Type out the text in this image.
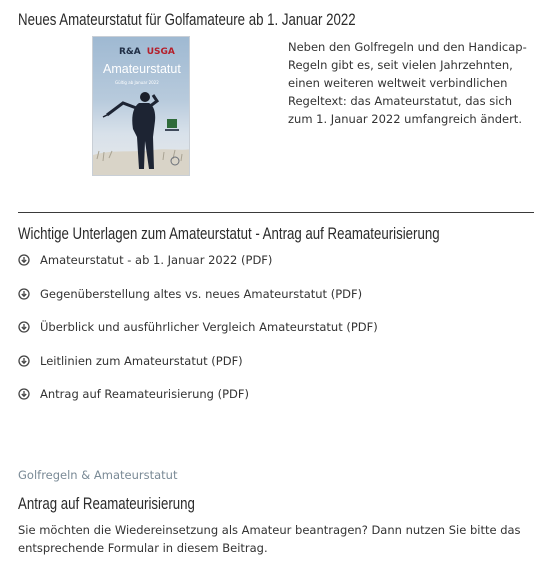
Neues Amateurstatut für Golfamateure ab 1. Januar 2022
R&A USGA
Amateurstatut
Gültig ab Januar 2022

Neben den Golfregeln und den Handicap-Regeln gibt es, seit vielen Jahrzehnten, einen weiteren weltweit verbindlichen Regeltext: das Amateurstatut, das sich zum 1. Januar 2022 umfangreich ändert.

Wichtige Unterlagen zum Amateurstatut - Antrag auf Reamateurisierung
Amateurstatut - ab 1. Januar 2022 (PDF)
Gegenüberstellung altes vs. neues Amateurstatut (PDF)
Überblick und ausführlicher Vergleich Amateurstatut (PDF)
Leitlinien zum Amateurstatut (PDF)
Antrag auf Reamateurisierung (PDF)
Golfregeln & Amateurstatut
Antrag auf Reamateurisierung

Sie möchten die Wiedereinsetzung als Amateur beantragen? Dann nutzen Sie bitte das entsprechende Formular in diesem Beitrag.
